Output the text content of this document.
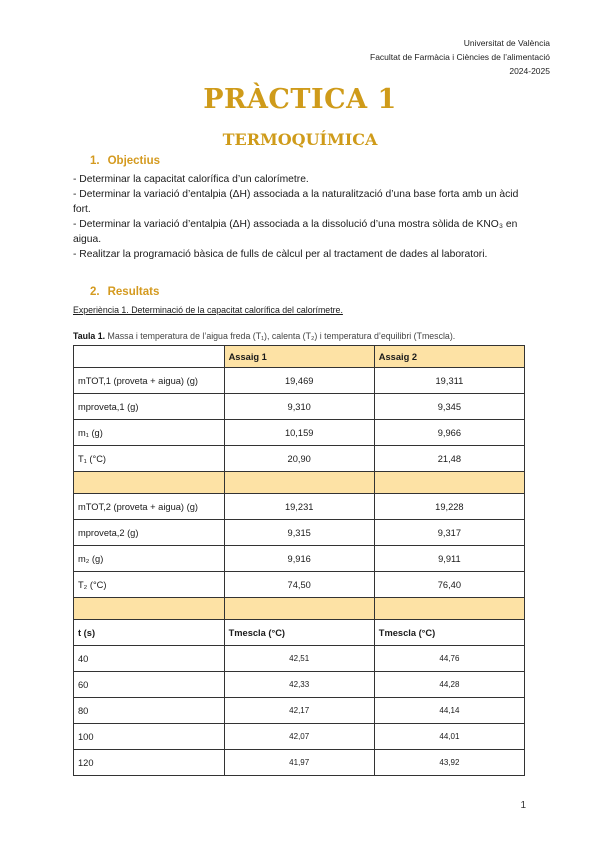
Universitat de València
Facultat de Farmàcia i Ciències de l’alimentació
2024-2025
PRÀCTICA 1
TERMOQUÍMICA
1. Objectius
- Determinar la capacitat calorífica d’un calorímetre.
- Determinar la variació d’entalpia (ΔH) associada a la naturalització d’una base forta amb un àcid fort.
- Determinar la variació d’entalpia (ΔH) associada a la dissolució d’una mostra sòlida de KNO₃ en aigua.
- Realitzar la programació bàsica de fulls de càlcul per al tractament de dades al laboratori.
2. Resultats
Experiència 1. Determinació de la capacitat calorífica del calorímetre.
Taula 1. Massa i temperatura de l’aigua freda (T₁), calenta (T₂) i temperatura d’equilibri (Tmescla).
	Assaig 1	Assaig 2
mTOT,1 (proveta + aigua) (g)	19,469	19,311
mproveta,1 (g)	9,310	9,345
m₁ (g)	10,159	9,966
T₁ (°C)	20,90	21,48

mTOT,2 (proveta + aigua) (g)	19,231	19,228
mproveta,2 (g)	9,315	9,317
m₂ (g)	9,916	9,911
T₂ (°C)	74,50	76,40

t (s)	Tmescla (°C)	Tmescla (°C)
40	42,51	44,76
60	42,33	44,28
80	42,17	44,14
100	42,07	44,01
120	41,97	43,92
1
